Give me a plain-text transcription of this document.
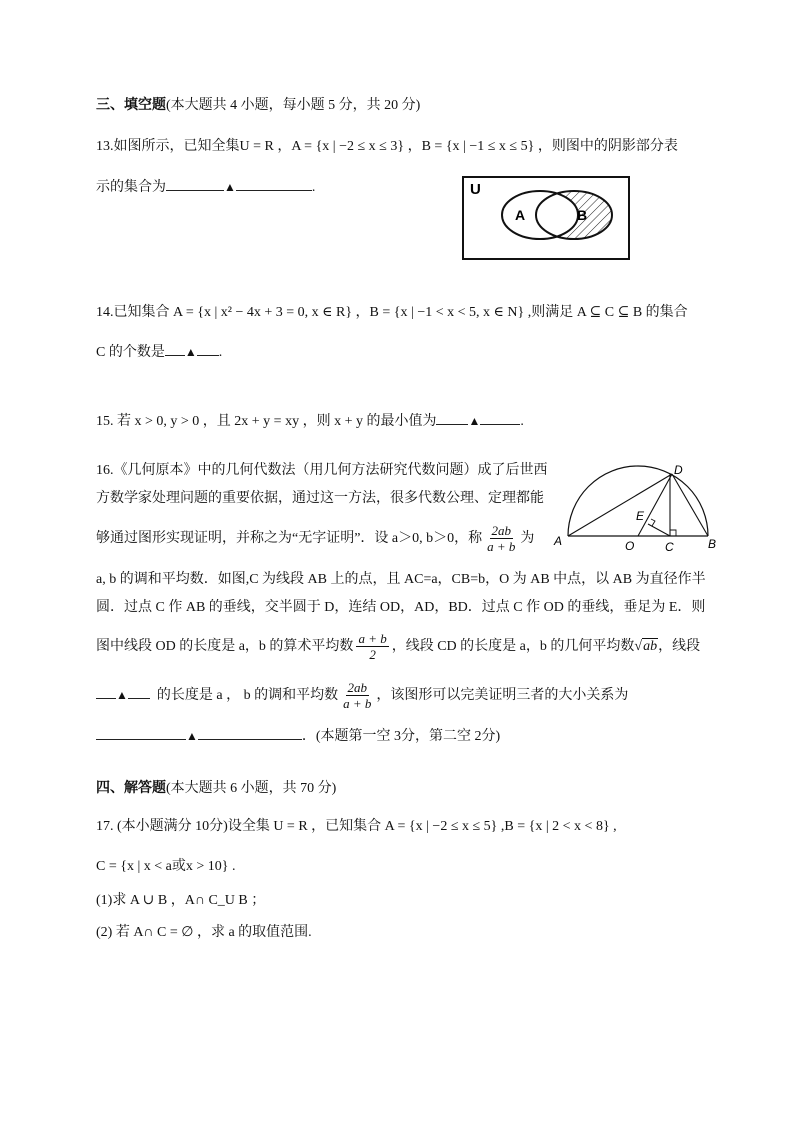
三、填空题(本大题共 4 小题，每小题 5 分，共 20 分)
13.如图所示，已知全集U = R ，A = {x | −2 ≤ x ≤ 3} ，B = {x | −1 ≤ x ≤ 5} ，则图中的阴影部分表
示的集合为	▲	.	U
A	B
14.已知集合 A = {x | x² − 4x + 3 = 0, x ∈ R} ，B = {x | −1 < x < 5, x ∈ N} ,则满足 A ⊆ C ⊆ B 的集合
C 的个数是 ▲ .
15. 若 x > 0, y > 0 ，且 2x + y = xy ，则 x + y 的最小值为	▲	.
16.《几何原本》中的几何代数法（用几何方法研究代数问题）成了后世西
方数学家处理问题的重要依据，通过这一方法，很多代数公理、定理都能
够通过图形实现证明，并称之为“无字证明”．设 a＞0, b＞0，称 $\frac{2ab}{a + b}$ 为
a, b 的调和平均数．如图,C 为线段 AB 上的点，且 AC=a，CB=b，O 为 AB 中点，以 AB 为直径作半
圆．过点 C 作 AB 的垂线，交半圆于 D，连结 OD，AD，BD．过点 C 作 OD 的垂线，垂足为 E．则
图中线段 OD 的长度是 a，b 的算术平均数 $\frac{a + b}{2}$ ，线段 CD 的长度是 a，b 的几何平均数√ab，线段
▲ 的长度是 a ， b 的调和平均数 $\frac{2ab}{a + b}$ ，该图形可以完美证明三者的大小关系为
▲	．(本题第一空 3分，第二空 2分)
A	O
E
C	B
D
四、解答题(本大题共 6 小题，共 70 分)
17. (本小题满分 10分)设全集 U = R ，已知集合 A = {x | −2 ≤ x ≤ 5} ,B = {x | 2 < x < 8} ,
C = {x | x < a或x > 10} .
(1)求 A ∪ B ，A∩ C_U B ；
(2) 若 A∩ C = ∅ ，求 a 的取值范围.
